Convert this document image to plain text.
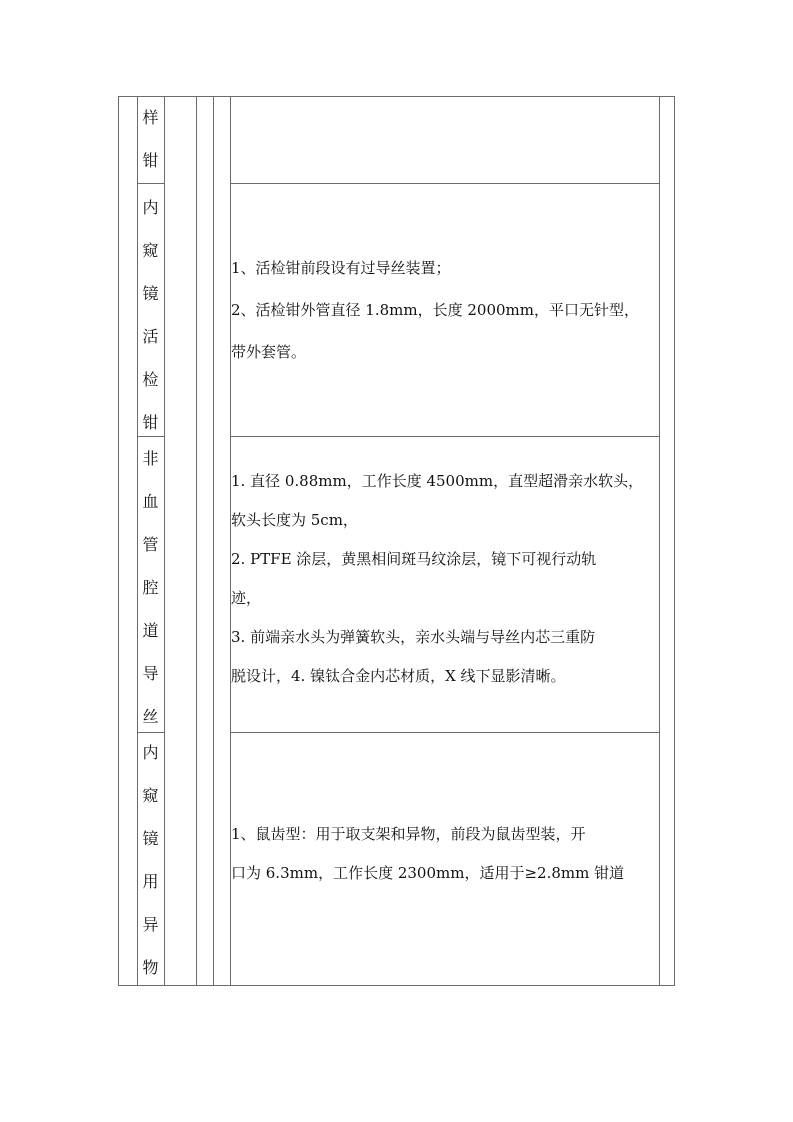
样
钳
内
窥
镜
活
检
钳

1、活检钳前段设有过导丝装置；

2、活检钳外管直径 1.8mm，长度 2000mm，平口无针型，

带外套管。

非
血
管
腔
道
导
丝

1. 直径 0.88mm，工作长度 4500mm，直型超滑亲水软头，

软头长度为 5cm，

2. PTFE 涂层，黄黑相间斑马纹涂层，镜下可视行动轨

迹，

3. 前端亲水头为弹簧软头，亲水头端与导丝内芯三重防

脱设计，4. 镍钛合金内芯材质，X 线下显影清晰。

内
窥
镜
用
异
物

1、鼠齿型：用于取支架和异物，前段为鼠齿型装，开

口为 6.3mm，工作长度 2300mm，适用于≥2.8mm 钳道
